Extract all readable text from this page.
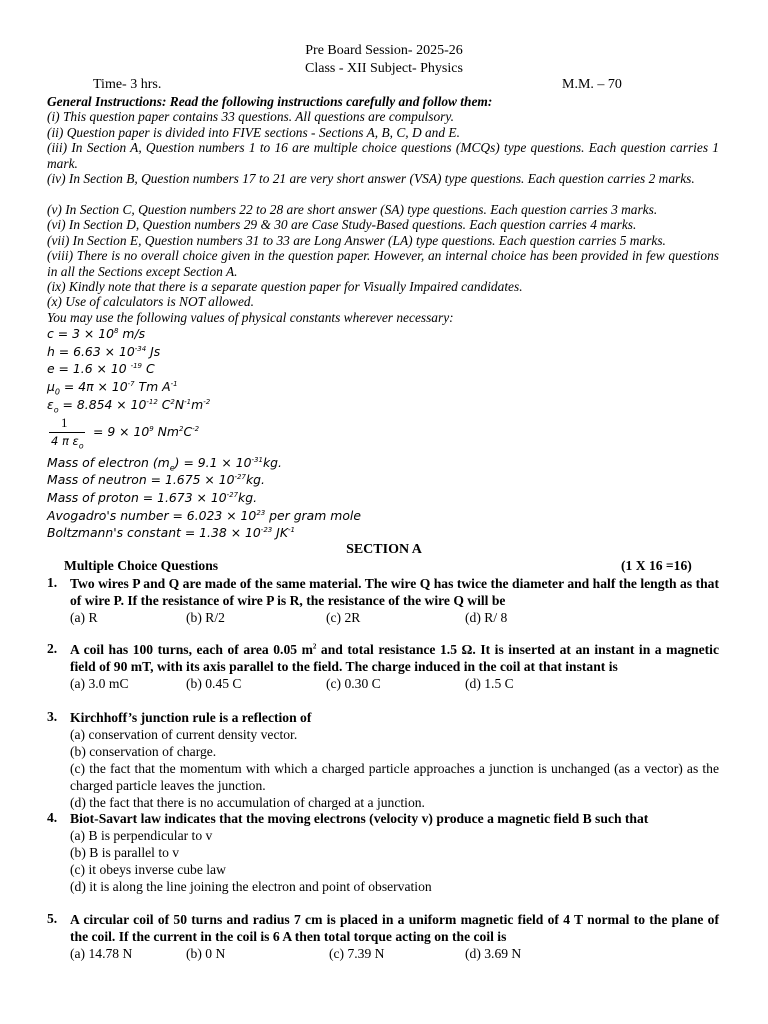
Pre Board Session- 2025-26
Class - XII Subject- Physics
Time- 3 hrs.	M.M. – 70
General Instructions: Read the following instructions carefully and follow them:
(i) This question paper contains 33 questions. All questions are compulsory.
(ii) Question paper is divided into FIVE sections - Sections A, B, C, D and E.
(iii) In Section A, Question numbers 1 to 16 are multiple choice questions (MCQs) type questions. Each question carries 1 mark.
(iv) In Section B, Question numbers 17 to 21 are very short answer (VSA) type questions. Each question carries 2 marks.
(v) In Section C, Question numbers 22 to 28 are short answer (SA) type questions. Each question carries 3 marks.
(vi) In Section D, Question numbers 29 & 30 are Case Study-Based questions. Each question carries 4 marks.
(vii) In Section E, Question numbers 31 to 33 are Long Answer (LA) type questions. Each question carries 5 marks.
(viii) There is no overall choice given in the question paper. However, an internal choice has been provided in few questions in all the Sections except Section A.
(ix) Kindly note that there is a separate question paper for Visually Impaired candidates.
(x) Use of calculators is NOT allowed.
You may use the following values of physical constants wherever necessary:
$c = 3 \times 10^8$ m/s
$h = 6.63 \times 10^{-34}$ Js
e = 1.6 × 10 $^{-19}$ C
$\mu_0 = 4\pi \times 10^{-7}$ Tm $A^{-1}$
$\varepsilon_o = 8.854 \times 10^{-12}$ $C^2N^{-1}m^{-2}$
1
4 π $\varepsilon_o$
= $9 \times 10^9$ $Nm^2C^{-2}$
Mass of electron $(m_e) = 9.1 \times 10^{-31}kg$.
Mass of neutron = $1.675 \times 10^{-27}kg$.
Mass of proton = $1.673 \times 10^{-27}kg$.
Avogadro's number = $6.023 \times 10^{23}$ per gram mole
Boltzmann's constant = $1.38 \times 10^{-23}$ $JK^{-1}$
SECTION A
Multiple Choice Questions	(1 X 16 =16)
1. Two wires P and Q are made of the same material. The wire Q has twice the diameter and half the length as that of wire P. If the resistance of wire P is R, the resistance of the wire Q will be
(a) R	(b) R/2	(c) 2R	(d) R/ 8
2. A coil has 100 turns, each of area 0.05 $m^2$ and total resistance 1.5 Ω. It is inserted at an instant in a magnetic field of 90 mT, with its axis parallel to the field. The charge induced in the coil at that instant is
(a) 3.0 mC	(b) 0.45 C	(c) 0.30 C	(d) 1.5 C
3. Kirchhoff’s junction rule is a reflection of
(a) conservation of current density vector.
(b) conservation of charge.
(c) the fact that the momentum with which a charged particle approaches a junction is unchanged (as a vector) as the charged particle leaves the junction.
(d) the fact that there is no accumulation of charged at a junction.
4. Biot-Savart law indicates that the moving electrons (velocity v) produce a magnetic field B such that
(a) B is perpendicular to v
(b) B is parallel to v
(c) it obeys inverse cube law
(d) it is along the line joining the electron and point of observation
5. A circular coil of 50 turns and radius 7 cm is placed in a uniform magnetic field of 4 T normal to the plane of the coil. If the current in the coil is 6 A then total torque acting on the coil is
(a) 14.78 N	(b) 0 N	(c) 7.39 N	(d) 3.69 N
